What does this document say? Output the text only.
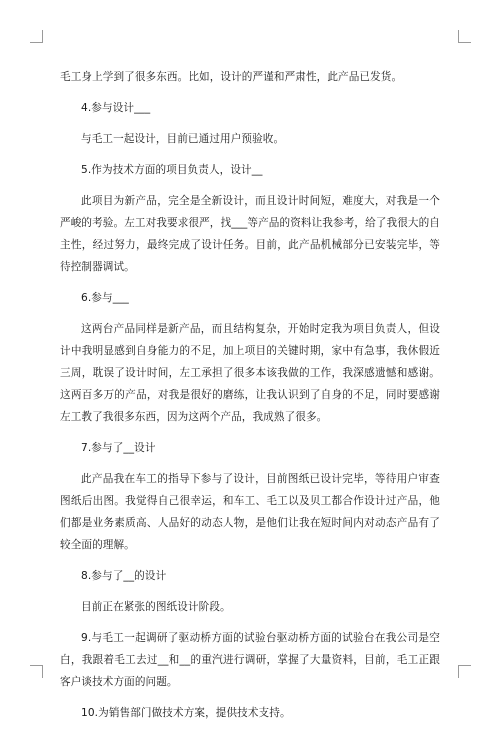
毛工身上学到了很多东西。比如，设计的严谨和严肃性，此产品已发货。

4.参与设计___

与毛工一起设计，目前已通过用户预验收。

5.作为技术方面的项目负责人，设计__

此项目为新产品，完全是全新设计，而且设计时间短，难度大，对我是一个严峻的考验。左工对我要求很严，找___等产品的资料让我参考，给了我很大的自主性，经过努力，最终完成了设计任务。目前，此产品机械部分已安装完毕，等待控制器调试。

6.参与___

这两台产品同样是新产品，而且结构复杂，开始时定我为项目负责人，但设计中我明显感到自身能力的不足，加上项目的关键时期，家中有急事，我休假近三周，耽误了设计时间，左工承担了很多本该我做的工作，我深感遗憾和感谢。这两百多万的产品，对我是很好的磨练，让我认识到了自身的不足，同时要感谢左工教了我很多东西，因为这两个产品，我成熟了很多。

7.参与了__设计

此产品我在车工的指导下参与了设计，目前图纸已设计完毕，等待用户审查图纸后出图。我觉得自己很幸运，和车工、毛工以及贝工都合作设计过产品，他们都是业务素质高、人品好的动态人物，是他们让我在短时间内对动态产品有了较全面的理解。

8.参与了__的设计

目前正在紧张的图纸设计阶段。

9.与毛工一起调研了驱动桥方面的试验台驱动桥方面的试验台在我公司是空白，我跟着毛工去过__和__的重汽进行调研，掌握了大量资料，目前，毛工正跟客户谈技术方面的问题。

10.为销售部门做技术方案，提供技术支持。
